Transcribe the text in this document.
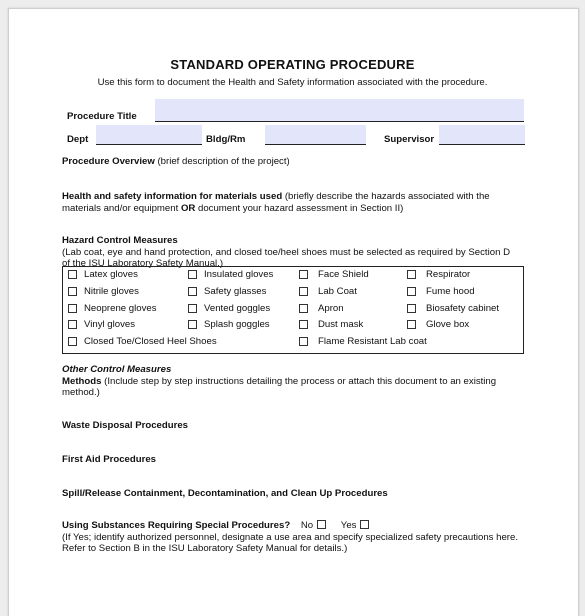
STANDARD OPERATING PROCEDURE
Use this form to document the Health and Safety information associated with the procedure.
Procedure Title
Dept	Bldg/Rm	Supervisor
Procedure Overview (brief description of the project)
Health and safety information for materials used (briefly describe the hazards associated with the
materials and/or equipment OR document your hazard assessment in Section II)
Hazard Control Measures
(Lab coat, eye and hand protection, and closed toe/heel shoes must be selected as required by Section D
of the ISU Laboratory Safety Manual.)
Latex gloves	Insulated gloves	Face Shield	Respirator
Nitrile gloves	Safety glasses	Lab Coat	Fume hood
Neoprene gloves	Vented goggles	Apron	Biosafety cabinet
Vinyl gloves	Splash goggles	Dust mask	Glove box
Closed Toe/Closed Heel Shoes	Flame Resistant Lab coat
Other Control Measures
Methods (Include step by step instructions detailing the process or attach this document to an existing
method.)
Waste Disposal Procedures
First Aid Procedures
Spill/Release Containment, Decontamination, and Clean Up Procedures
Using Substances Requiring Special Procedures? No	Yes
(If Yes; identify authorized personnel, designate a use area and specify specialized safety precautions here.
Refer to Section B in the ISU Laboratory Safety Manual for details.)
